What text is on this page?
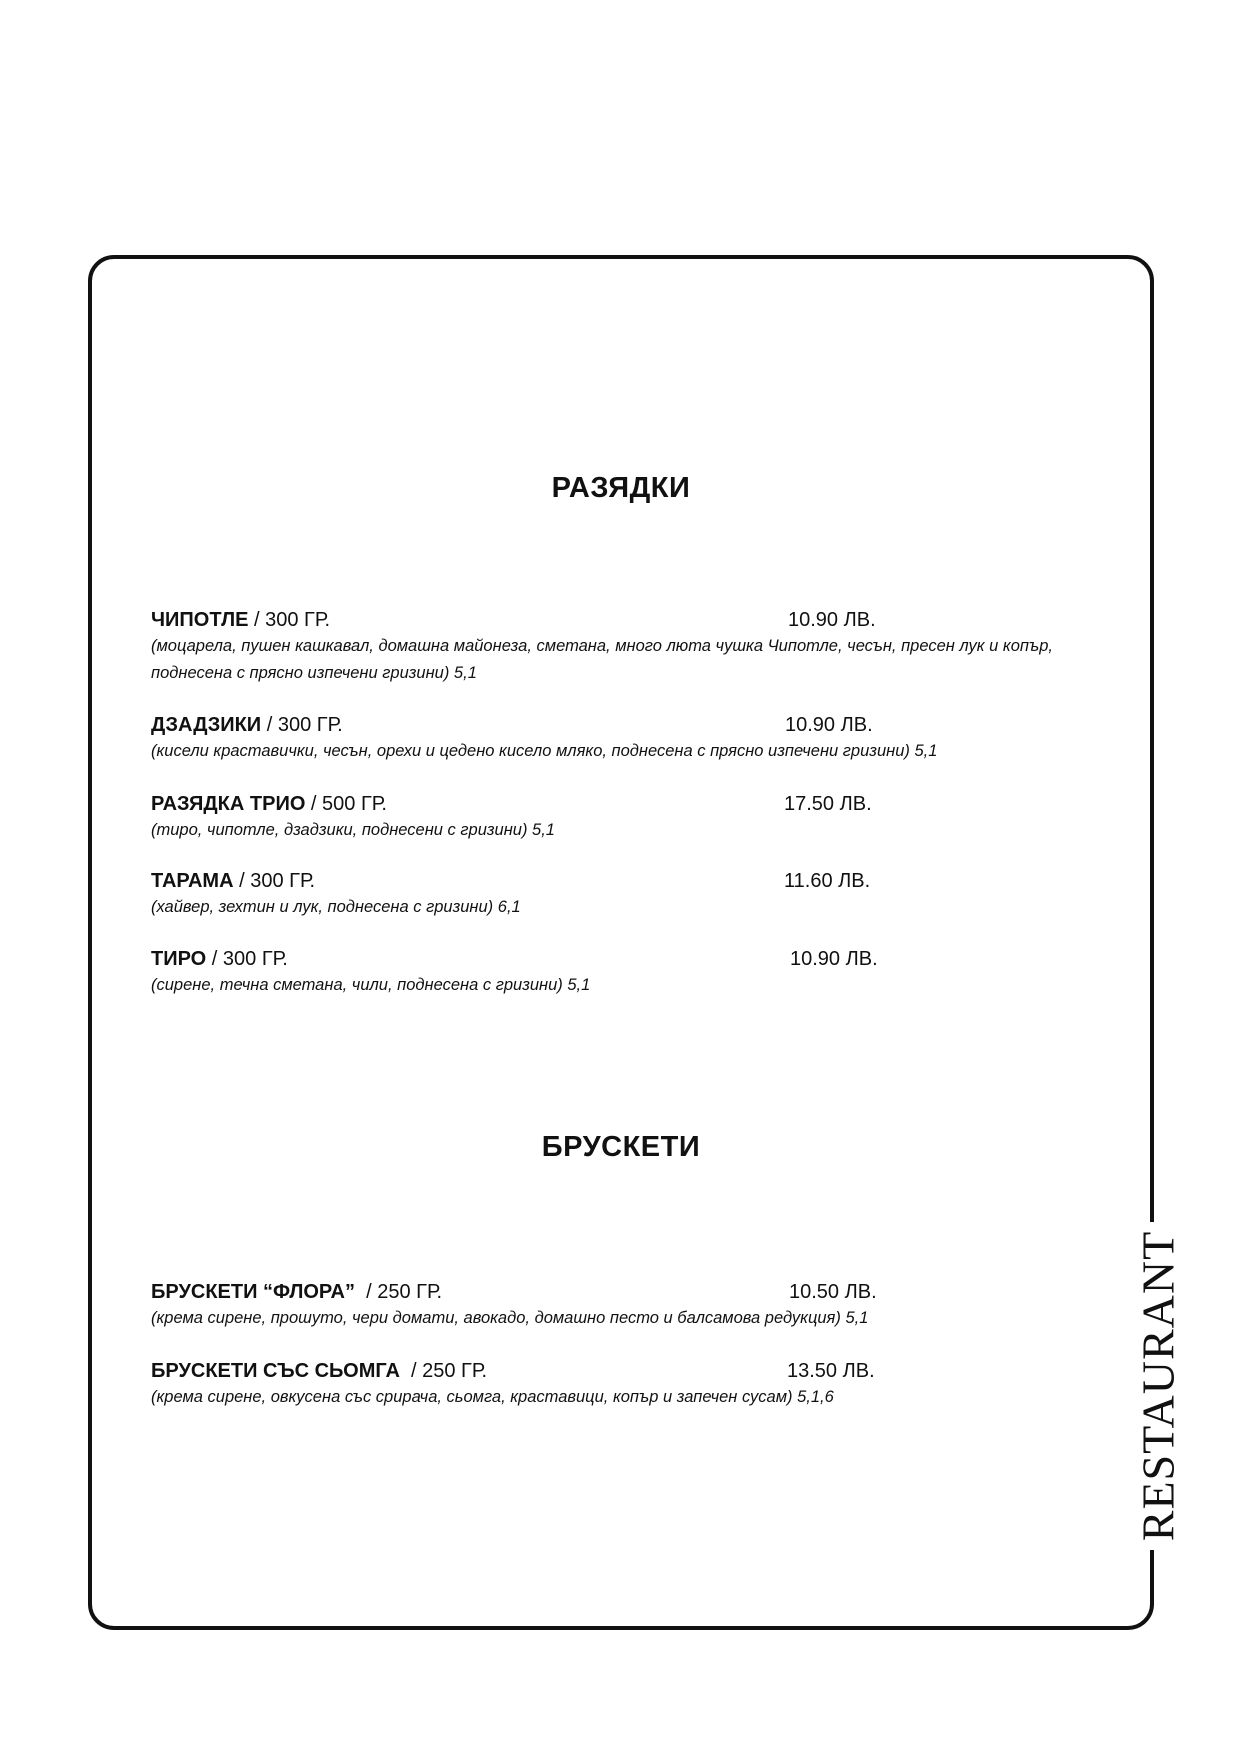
RESTAURANT
РАЗЯДКИ
ЧИПОТЛЕ / 300 ГР.	10.90 ЛВ.
(моцарела, пушен кашкавал, домашна майонеза, сметана, много люта чушка Чипотле, чесън, пресен лук и копър, поднесена с прясно изпечени гризини) 5,1
ДЗАДЗИКИ / 300 ГР.	10.90 ЛВ.
(кисели краставички, чесън, орехи и цедено кисело мляко, поднесена с прясно изпечени гризини) 5,1
РАЗЯДКА ТРИО / 500 ГР.	17.50 ЛВ.
(тиро, чипотле, дзадзики, поднесени с гризини) 5,1
ТАРАМА / 300 ГР.	11.60 ЛВ.
(хайвер, зехтин и лук, поднесена с гризини) 6,1
ТИРО / 300 ГР.	10.90 ЛВ.
(сирене, течна сметана, чили, поднесена с гризини) 5,1
БРУСКЕТИ
БРУСКЕТИ “ФЛОРА”  / 250 ГР.	10.50 ЛВ.
(крема сирене, прошуто, чери домати, авокадо, домашно песто и балсамова редукция) 5,1
БРУСКЕТИ СЪС СЬОМГА  / 250 ГР.	13.50 ЛВ.
(крема сирене, овкусена със срирача, сьомга, краставици, копър и запечен сусам) 5,1,6
